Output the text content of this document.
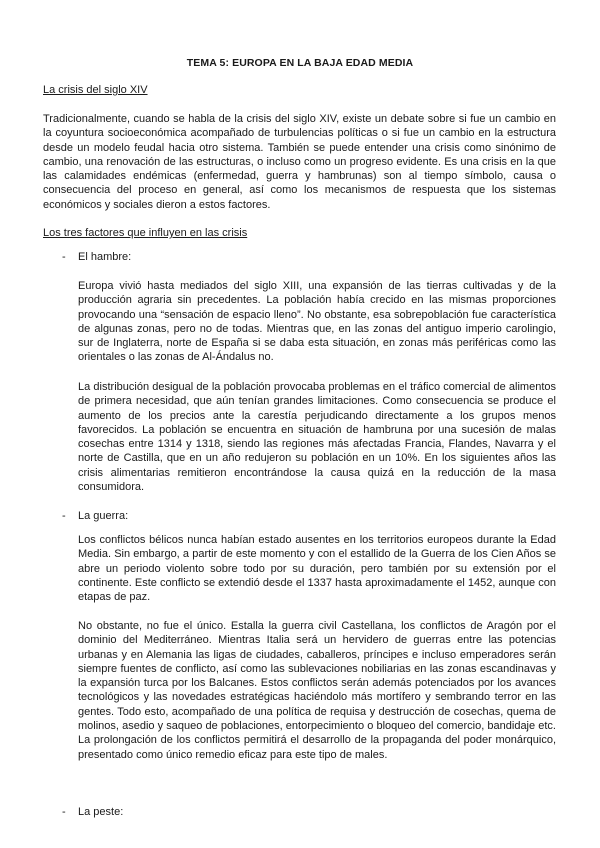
TEMA 5: EUROPA EN LA BAJA EDAD MEDIA
La crisis del siglo XIV

Tradicionalmente, cuando se habla de la crisis del siglo XIV, existe un debate sobre si fue un cambio en la coyuntura socioeconómica acompañado de turbulencias políticas o si fue un cambio en la estructura desde un modelo feudal hacia otro sistema. También se puede entender una crisis como sinónimo de cambio, una renovación de las estructuras, o incluso como un progreso evidente. Es una crisis en la que las calamidades endémicas (enfermedad, guerra y hambrunas) son al tiempo símbolo, causa o consecuencia del proceso en general, así como los mecanismos de respuesta que los sistemas económicos y sociales dieron a estos factores.

Los tres factores que influyen en las crisis
-	El hambre:

Europa vivió hasta mediados del siglo XIII, una expansión de las tierras cultivadas y de la producción agraria sin precedentes. La población había crecido en las mismas proporciones provocando una “sensación de espacio lleno”. No obstante, esa sobrepoblación fue característica de algunas zonas, pero no de todas. Mientras que, en las zonas del antiguo imperio carolingio, sur de Inglaterra, norte de España si se daba esta situación, en zonas más periféricas como las orientales o las zonas de Al-Ándalus no.

La distribución desigual de la población provocaba problemas en el tráfico comercial de alimentos de primera necesidad, que aún tenían grandes limitaciones. Como consecuencia se produce el aumento de los precios ante la carestía perjudicando directamente a los grupos menos favorecidos. La población se encuentra en situación de hambruna por una sucesión de malas cosechas entre 1314 y 1318, siendo las regiones más afectadas Francia, Flandes, Navarra y el norte de Castilla, que en un año redujeron su población en un 10%. En los siguientes años las crisis alimentarias remitieron encontrándose la causa quizá en la reducción de la masa consumidora.

-	La guerra:

Los conflictos bélicos nunca habían estado ausentes en los territorios europeos durante la Edad Media. Sin embargo, a partir de este momento y con el estallido de la Guerra de los Cien Años se abre un periodo violento sobre todo por su duración, pero también por su extensión por el continente. Este conflicto se extendió desde el 1337 hasta aproximadamente el 1452, aunque con etapas de paz.

No obstante, no fue el único. Estalla la guerra civil Castellana, los conflictos de Aragón por el dominio del Mediterráneo. Mientras Italia será un hervidero de guerras entre las potencias urbanas y en Alemania las ligas de ciudades, caballeros, príncipes e incluso emperadores serán siempre fuentes de conflicto, así como las sublevaciones nobiliarias en las zonas escandinavas y la expansión turca por los Balcanes. Estos conflictos serán además potenciados por los avances tecnológicos y las novedades estratégicas haciéndolo más mortífero y sembrando terror en las gentes. Todo esto, acompañado de una política de requisa y destrucción de cosechas, quema de molinos, asedio y saqueo de poblaciones, entorpecimiento o bloqueo del comercio, bandidaje etc. La prolongación de los conflictos permitirá el desarrollo de la propaganda del poder monárquico, presentado como único remedio eficaz para este tipo de males.

-	La peste:
